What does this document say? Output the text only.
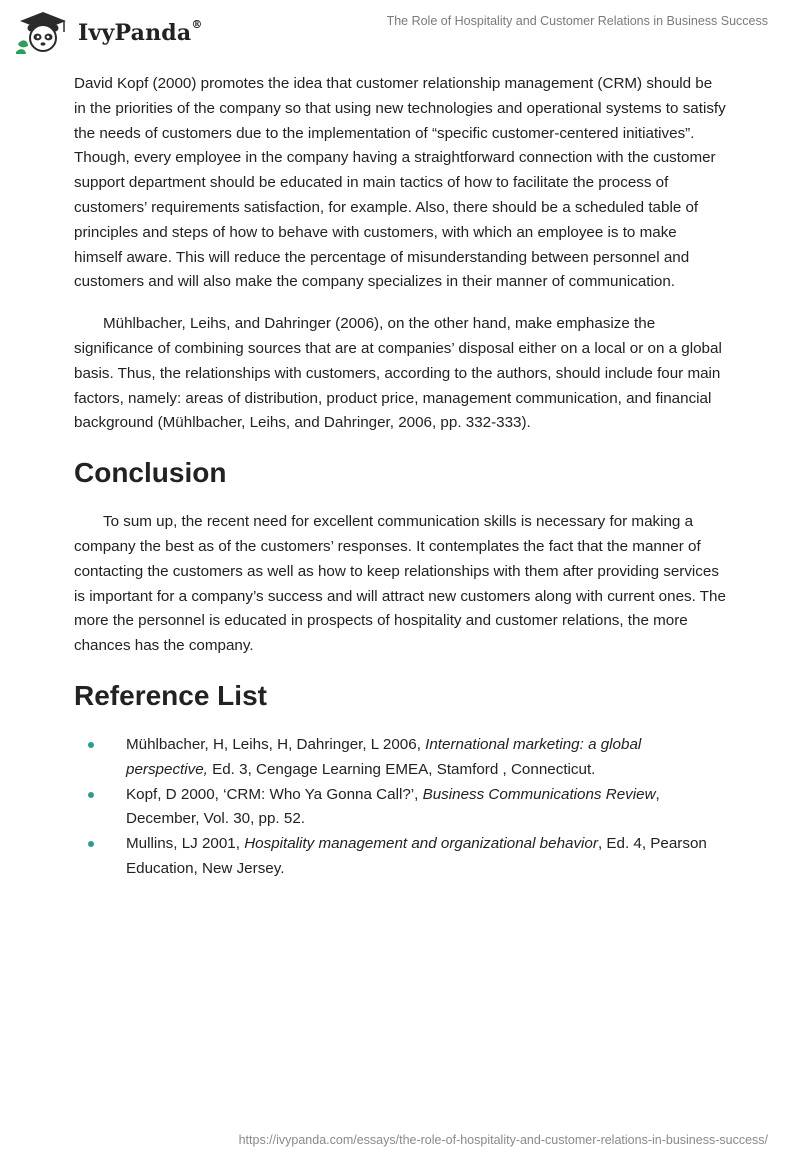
IvyPanda®	The Role of Hospitality and Customer Relations in Business Success

David Kopf (2000) promotes the idea that customer relationship management (CRM) should be in the priorities of the company so that using new technologies and operational systems to satisfy the needs of customers due to the implementation of “specific customer-centered initiatives”. Though, every employee in the company having a straightforward connection with the customer support department should be educated in main tactics of how to facilitate the process of customers’ requirements satisfaction, for example. Also, there should be a scheduled table of principles and steps of how to behave with customers, with which an employee is to make himself aware. This will reduce the percentage of misunderstanding between personnel and customers and will also make the company specializes in their manner of communication.

Mühlbacher, Leihs, and Dahringer (2006), on the other hand, make emphasize the significance of combining sources that are at companies’ disposal either on a local or on a global basis. Thus, the relationships with customers, according to the authors, should include four main factors, namely: areas of distribution, product price, management communication, and financial background (Mühlbacher, Leihs, and Dahringer, 2006, pp. 332-333).

Conclusion

To sum up, the recent need for excellent communication skills is necessary for making a company the best as of the customers’ responses. It contemplates the fact that the manner of contacting the customers as well as how to keep relationships with them after providing services is important for a company’s success and will attract new customers along with current ones. The more the personnel is educated in prospects of hospitality and customer relations, the more chances has the company.

Reference List
Mühlbacher, H, Leihs, H, Dahringer, L 2006, International marketing: a global perspective, Ed. 3, Cengage Learning EMEA, Stamford , Connecticut.
Kopf, D 2000, ‘CRM: Who Ya Gonna Call?’, Business Communications Review, December, Vol. 30, pp. 52.
Mullins, LJ 2001, Hospitality management and organizational behavior, Ed. 4, Pearson Education, New Jersey.
https://ivypanda.com/essays/the-role-of-hospitality-and-customer-relations-in-business-success/
